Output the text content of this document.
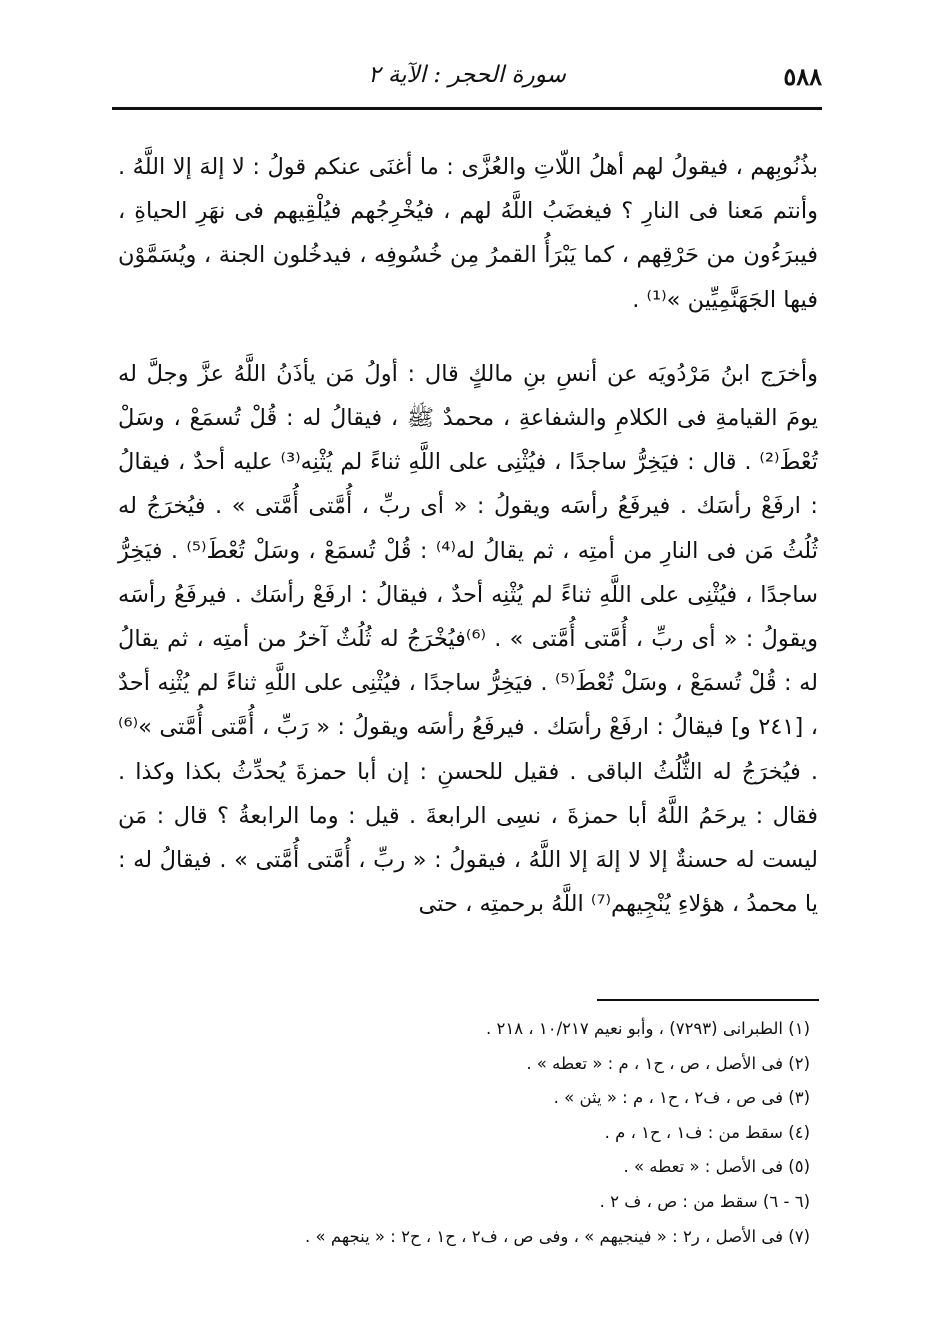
٥٨٨
سورة الحجر : الآية ٢

بذُنُوبِهم ، فيقولُ لهم أهلُ اللّاتِ والعُزَّى : ما أغنَى عنكم قولُ : لا إلهَ إلا اللَّهُ . وأنتم مَعنا فى النارِ ؟ فيغضَبُ اللَّهُ لهم ، فيُخْرِجُهم فيُلْقِيهم فى نهَرِ الحياةِ ، فيبرَءُون من حَرْقِهم ، كما يَبْرَأُ القمرُ مِن خُسُوفِه ، فيدخُلون الجنة ، ويُسَمَّوْن فيها الجَهَنَّمِيِّين »⁽¹⁾ .

وأخرَج ابنُ مَرْدُويَه عن أنسِ بنِ مالكٍ قال : أولُ مَن يأذَنُ اللَّهُ عزَّ وجلَّ له يومَ القيامةِ فى الكلامِ والشفاعةِ ، محمدٌ ﷺ ، فيقالُ له : قُلْ تُسمَعْ ، وسَلْ تُعْطَ⁽²⁾ . قال : فيَخِرُّ ساجدًا ، فيُثْنِى على اللَّهِ ثناءً لم يُثْنِه⁽³⁾ عليه أحدٌ ، فيقالُ : ارفَعْ رأسَك . فيرفَعُ رأسَه ويقولُ : « أى ربِّ ، أُمَّتى أُمَّتى » . فيُخرَجُ له ثُلُثُ مَن فى النارِ من أمتِه ، ثم يقالُ له⁽⁴⁾ : قُلْ تُسمَعْ ، وسَلْ تُعْطَ⁽⁵⁾ . فيَخِرُّ ساجدًا ، فيُثْنِى على اللَّهِ ثناءً لم يُثْنِه أحدٌ ، فيقالُ : ارفَعْ رأسَك . فيرفَعُ رأسَه ويقولُ : « أى ربِّ ، أُمَّتى أُمَّتى » . ⁽⁶⁾فيُخْرَجُ له ثُلُثٌ آخرُ من أمتِه ، ثم يقالُ له : قُلْ تُسمَعْ ، وسَلْ تُعْطَ⁽⁵⁾ . فيَخِرُّ ساجدًا ، فيُثْنِى على اللَّهِ ثناءً لم يُثْنِه أحدٌ ، [٢٤١ و] فيقالُ : ارفَعْ رأسَك . فيرفَعُ رأسَه ويقولُ : « رَبِّ ، أُمَّتى أُمَّتى »⁽⁶⁾ . فيُخرَجُ له الثُّلُثُ الباقى . فقيل للحسنِ : إن أبا حمزةَ يُحدِّثُ بكذا وكذا . فقال : يرحَمُ اللَّهُ أبا حمزةَ ، نسِى الرابعةَ . قيل : وما الرابعةُ ؟ قال : مَن ليست له حسنةٌ إلا لا إلهَ إلا اللَّهُ ، فيقولُ : « ربِّ ، أُمَّتى أُمَّتى » . فيقالُ له : يا محمدُ ، هؤلاءِ يُنْجِيهم⁽⁷⁾ اللَّهُ برحمتِه ، حتى

(١) الطبرانى (٧٢٩٣) ، وأبو نعيم ١٠/٢١٧ ، ٢١٨ .
(٢) فى الأصل ، ص ، ح١ ، م : « تعطه » .
(٣) فى ص ، ف٢ ، ح١ ، م : « يثن » .
(٤) سقط من : ف١ ، ح١ ، م .
(٥) فى الأصل : « تعطه » .
(٦ - ٦) سقط من : ص ، ف ٢ .
(٧) فى الأصل ، ر٢ : « فينجيهم » ، وفى ص ، ف٢ ، ح١ ، ح٢ : « ينجهم » .
